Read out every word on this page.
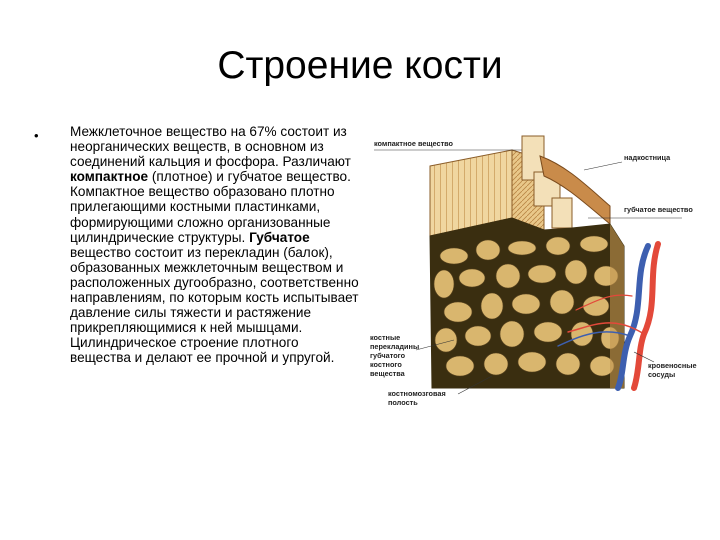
Строение кости
• Межклеточное вещество на 67% состоит из неорганических веществ, в основном из соединений кальция и фосфора. Различают компактное (плотное) и губчатое вещество. Компактное вещество образовано плотно прилегающими костными пластинками, формирующими сложно организованные цилиндрические структуры. Губчатое вещество состоит из перекладин (балок), образованных межклеточным веществом и расположенных дугообразно, соответственно направлениям, по которым кость испытывает давление силы тяжести и растяжение прикрепляющимися к ней мышцами. Цилиндрическое строение плотного вещества и делают ее прочной и упругой.

компактное вещество
надкостница
губчатое вещество
костные
перекладины
губчатого
костного
вещества
кровеносные
сосуды
костномозговая
полость
